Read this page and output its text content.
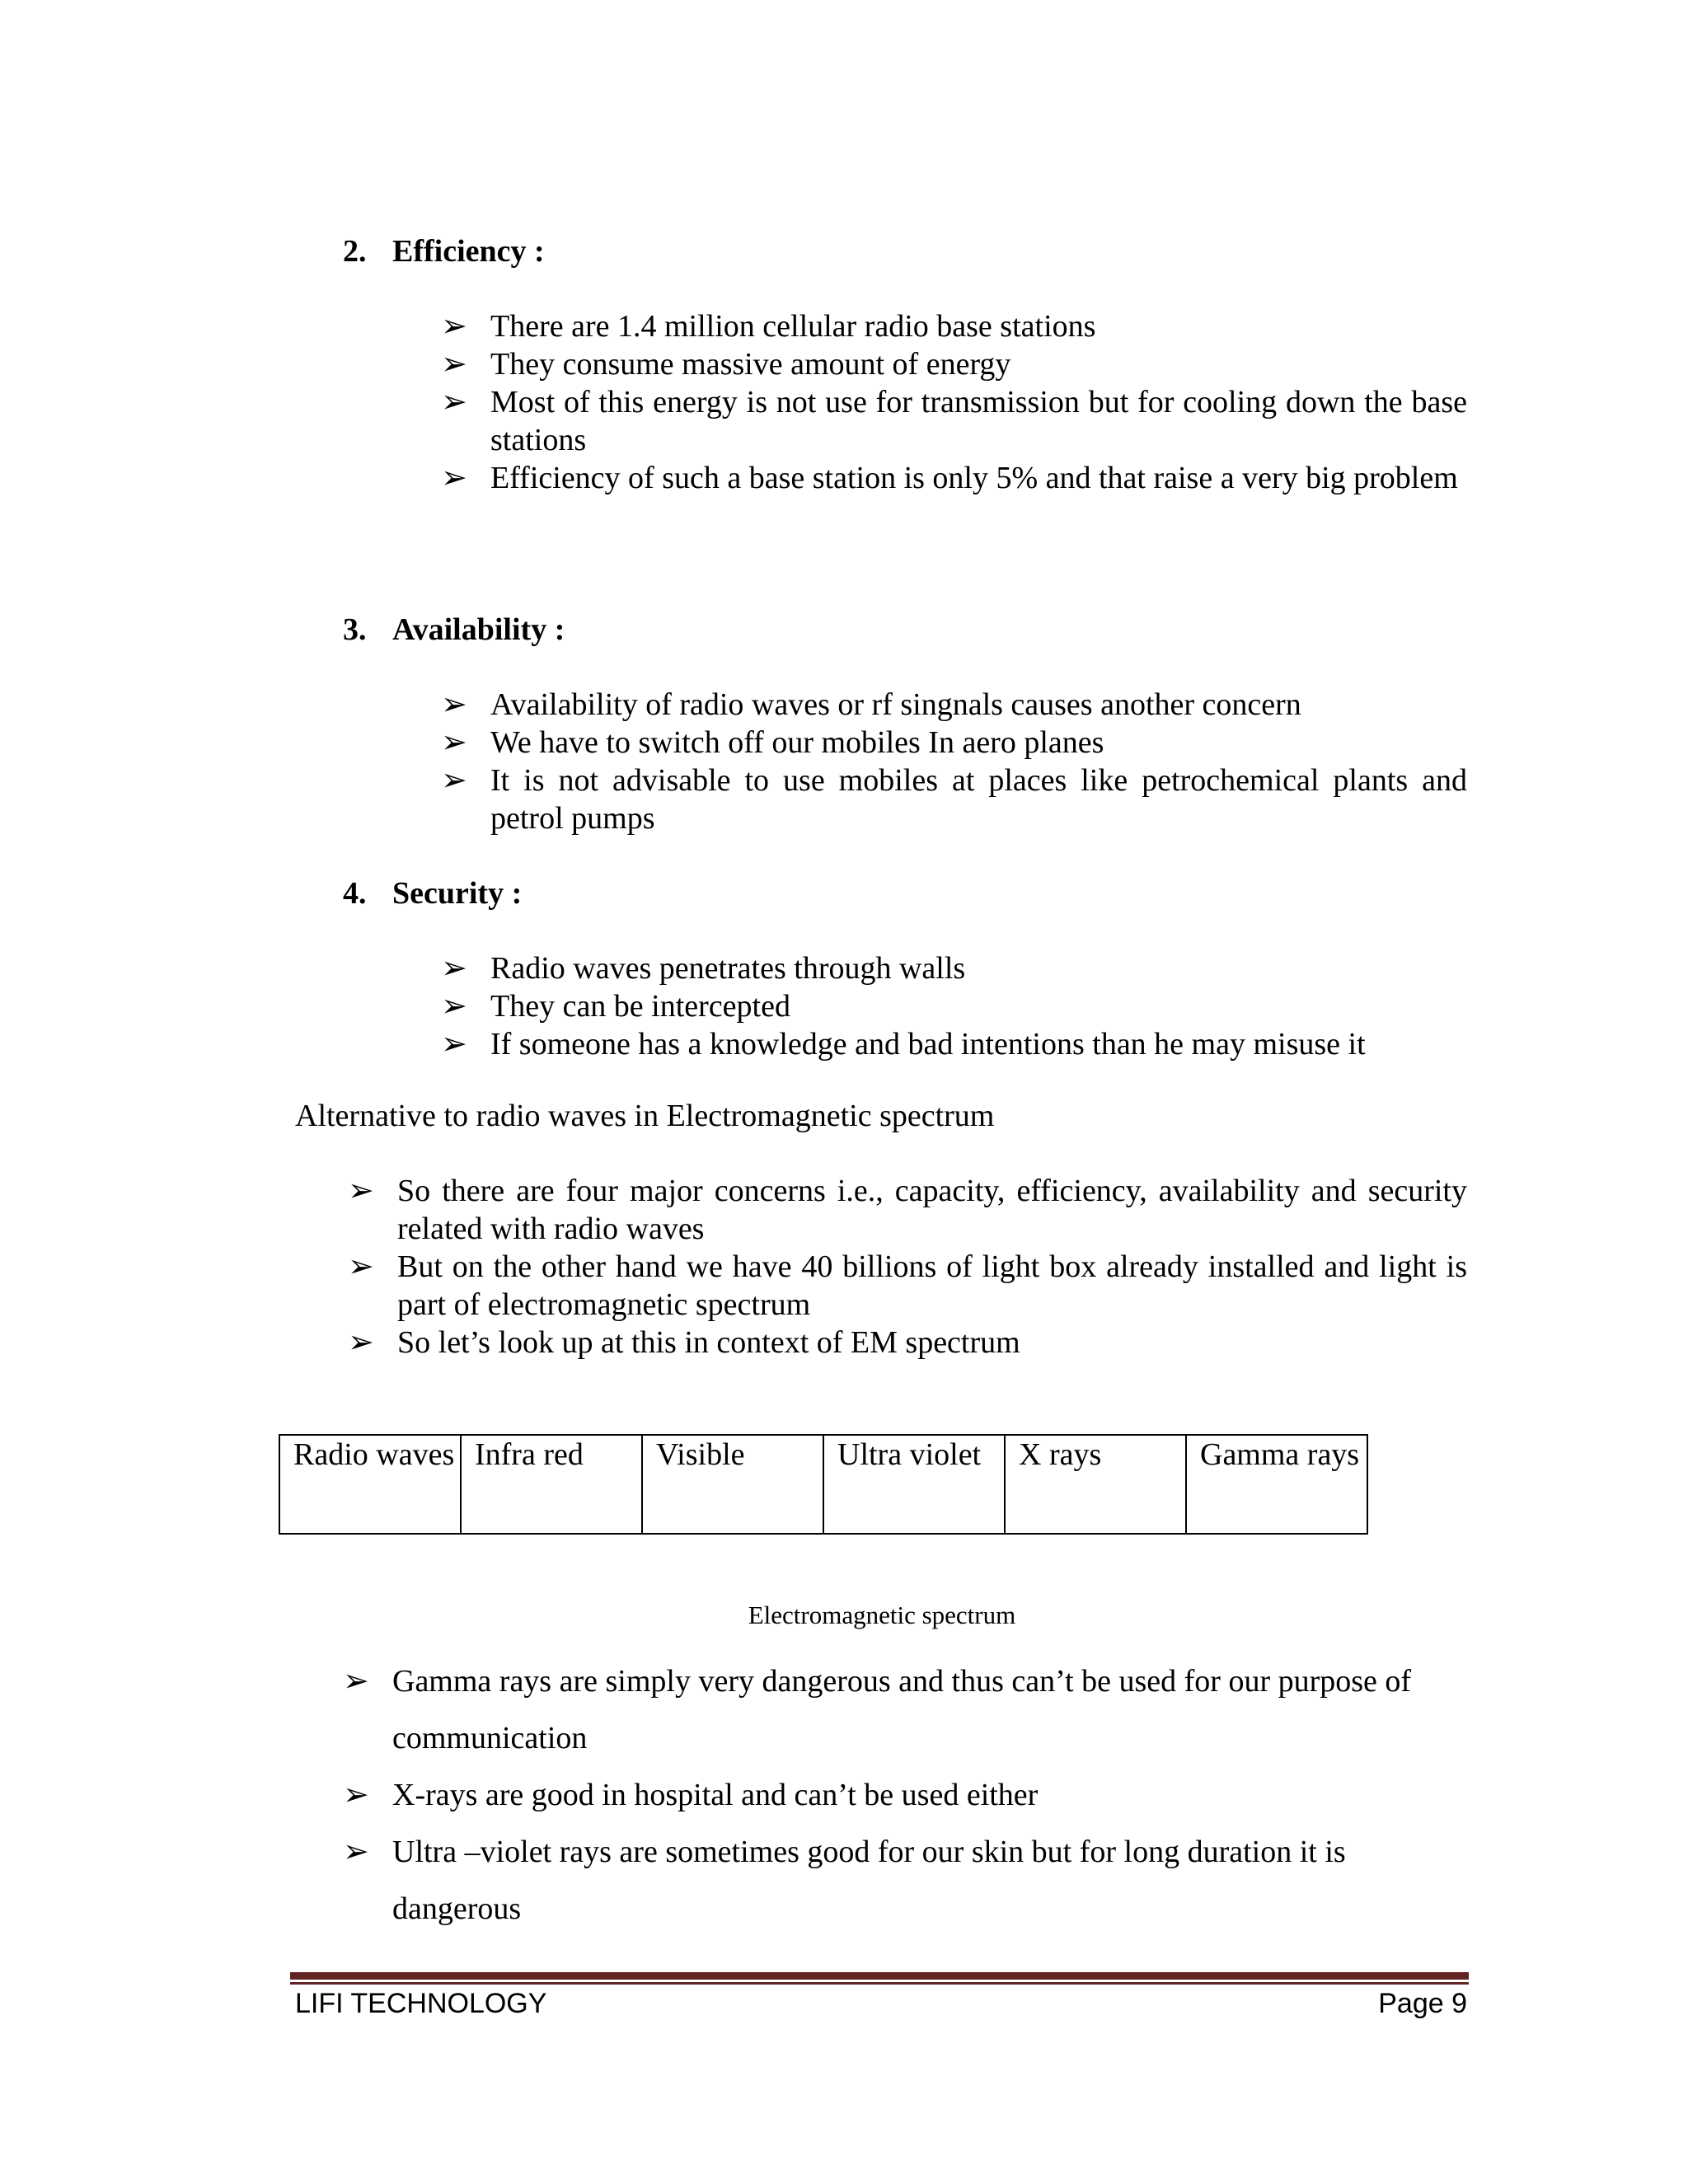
2. Efficiency :
➢ There are 1.4 million cellular radio base stations
➢ They consume massive amount of energy
➢ Most of this energy is not use for transmission but for cooling down the base stations
➢ Efficiency of such a base station is only 5% and that raise a very big problem
3. Availability :
➢ Availability of radio waves or rf singnals causes another concern
➢ We have to switch off our mobiles In aero planes
➢ It is not advisable to use mobiles at places like petrochemical plants and petrol pumps
4. Security :
➢ Radio waves penetrates through walls
➢ They can be intercepted
➢ If someone has a knowledge and bad intentions than he may misuse it
Alternative to radio waves in Electromagnetic spectrum
➢ So there are four major concerns i.e., capacity, efficiency, availability and security related with radio waves
➢ But on the other hand we have 40 billions of light box already installed and light is part of electromagnetic spectrum
➢ So let’s look up at this in context of EM spectrum
Radio waves	Infra red	Visible	Ultra violet	X rays	Gamma rays
Electromagnetic spectrum
➢ Gamma rays are simply very dangerous and thus can’t be used for our purpose of communication
➢ X-rays are good in hospital and can’t be used either
➢ Ultra –violet rays are sometimes good for our skin but for long duration it is dangerous
LIFI TECHNOLOGY	Page 9
